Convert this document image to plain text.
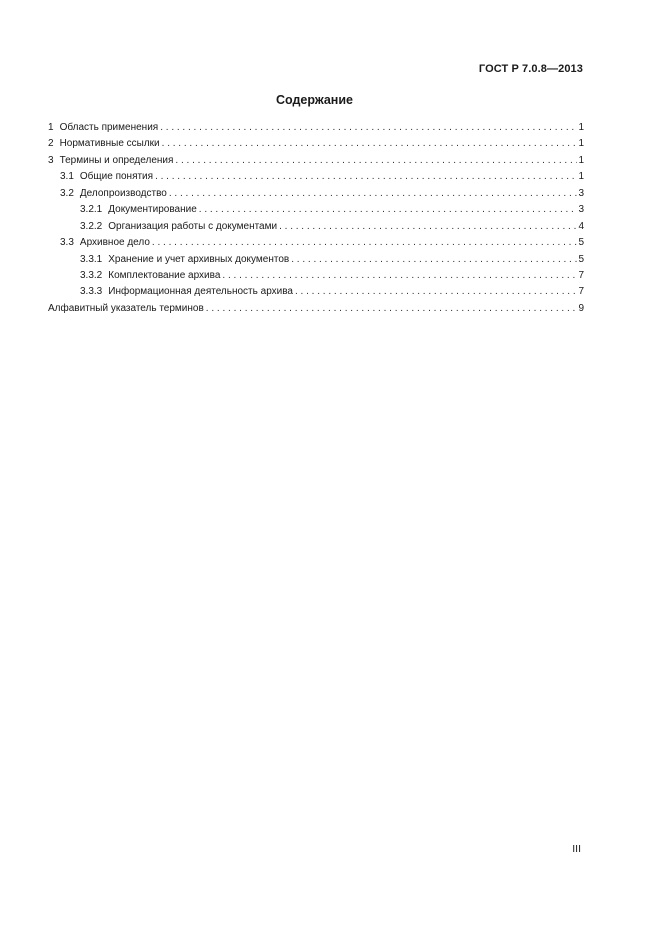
ГОСТ Р 7.0.8—2013
Содержание
1 Область применения . . .	1
2 Нормативные ссылки . . .	1
3 Термины и определения . . .	1
3.1 Общие понятия . . .	1
3.2 Делопроизводство . . .	3
3.2.1 Документирование . . .	3
3.2.2 Организация работы с документами . . .	4
3.3 Архивное дело . . .	5
3.3.1 Хранение и учет архивных документов . . .	5
3.3.2 Комплектование архива . . .	7
3.3.3 Информационная деятельность архива . . .	7
Алфавитный указатель терминов . . .	9
III
